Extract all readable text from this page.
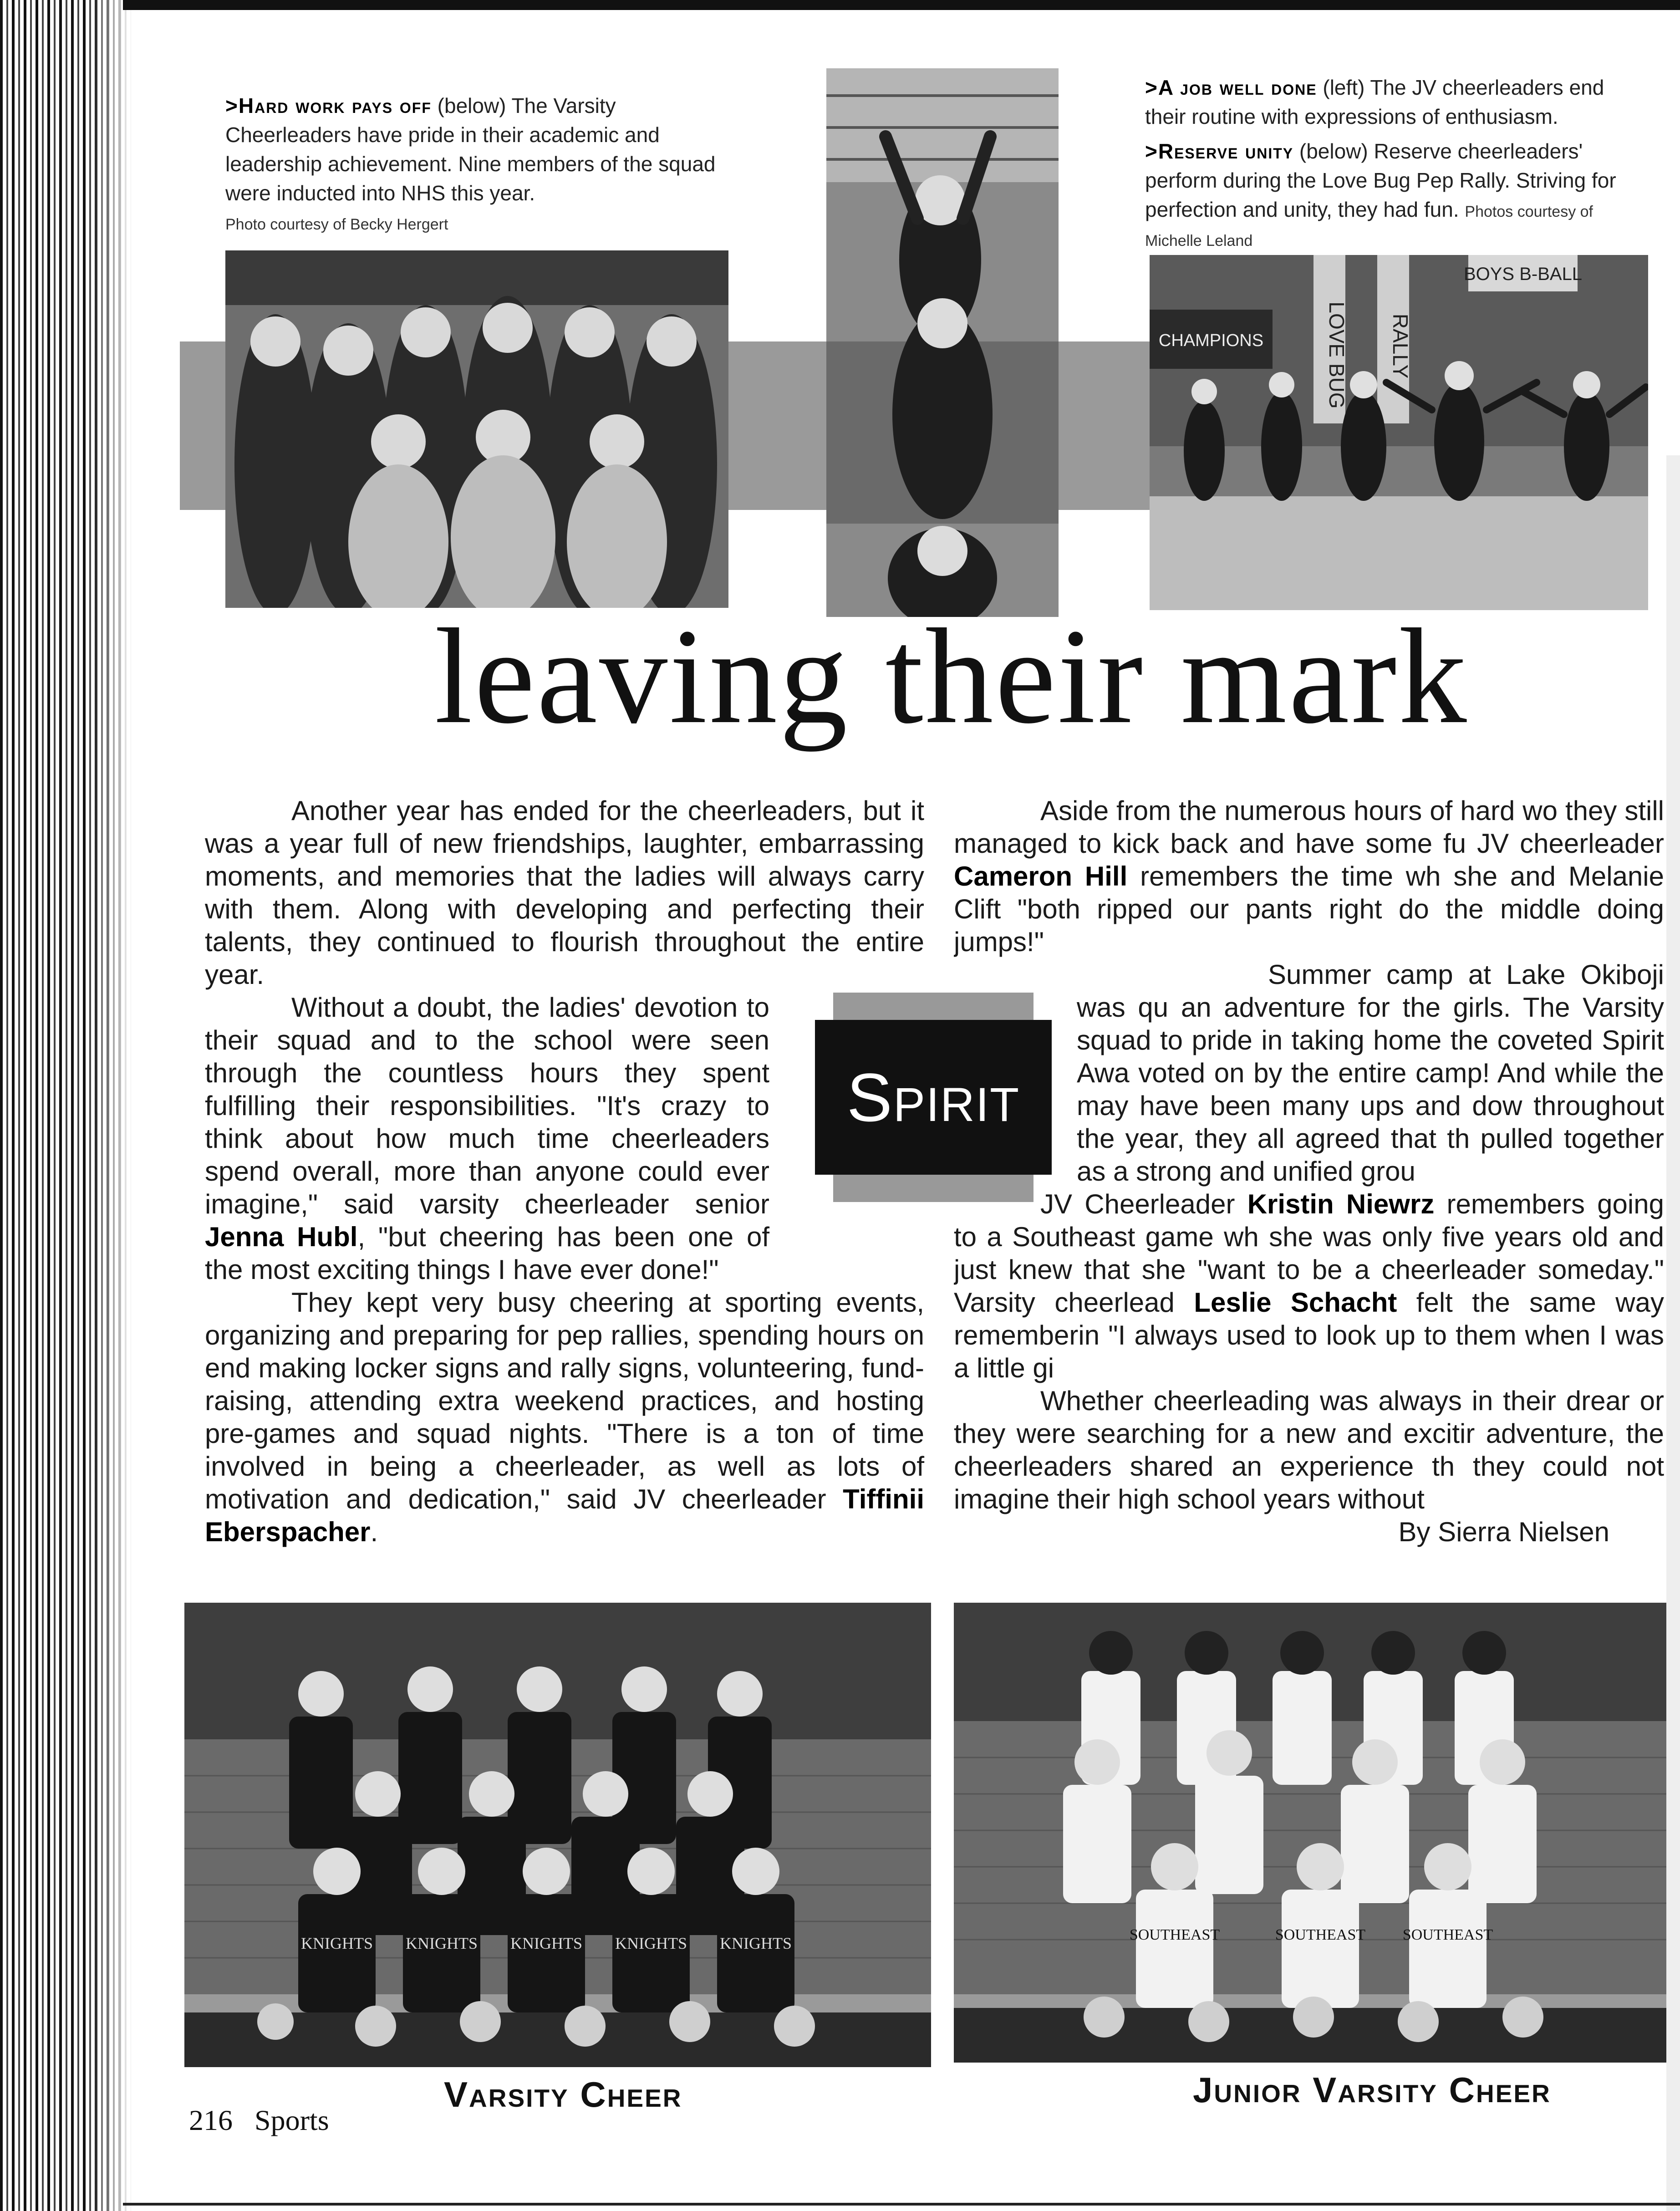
>Hard work pays off (below) The Varsity Cheerleaders have pride in their academic and leadership achievement. Nine members of the squad were inducted into NHS this year.
Photo courtesy of Becky Hergert
>A job well done (left) The JV cheerleaders end their routine with expressions of enthusiasm.
>Reserve unity (below) Reserve cheerleaders' perform during the Love Bug Pep Rally. Striving for perfection and unity, they had fun. Photos courtesy of Michelle Leland
LOVE BUG RALLY
BOYS B-BALL
CHAMPIONS
leaving their mark

Another year has ended for the cheerleaders, but it was a year full of new friendships, laughter, embarrassing moments, and memories that the ladies will always carry with them. Along with developing and perfecting their talents, they continued to flourish throughout the entire year.

Without a doubt, the ladies' devotion to their squad and to the school were seen through the countless hours they spent fulfilling their responsibilities. "It's crazy to think about how much time cheerleaders spend overall, more than anyone could ever imagine," said varsity cheerleader senior Jenna Hubl, "but cheering has been one of the most exciting things I have ever done!"

They kept very busy cheering at sporting events, organizing and preparing for pep rallies, spending hours on end making locker signs and rally signs, volunteering, fund-raising, attending extra weekend practices, and hosting pre-games and squad nights. "There is a ton of time involved in being a cheerleader, as well as lots of motivation and dedication," said JV cheerleader Tiffinii Eberspacher.

Spirit

Aside from the numerous hours of hard wo they still managed to kick back and have some fu JV cheerleader Cameron Hill remembers the time wh she and Melanie Clift "both ripped our pants right do the middle doing jumps!"

Summer camp at Lake Okiboji was qu an adventure for the girls. The Varsity squad to pride in taking home the coveted Spirit Awa voted on by the entire camp! And while the may have been many ups and dow throughout the year, they all agreed that th pulled together as a strong and unified grou

JV Cheerleader Kristin Niewrz remembers going to a Southeast game wh she was only five years old and just knew that she "want to be a cheerleader someday." Varsity cheerlead Leslie Schacht felt the same way rememberin "I always used to look up to them when I was a little gi

Whether cheerleading was always in their drear or they were searching for a new and excitir adventure, the cheerleaders shared an experience th they could not imagine their high school years without

By Sierra Nielsen

KNIGHTS KNIGHTS KNIGHTS KNIGHTS KNIGHTS	SOUTHEAST	SOUTHEAST SOUTHEAST
Varsity Cheer	Junior Varsity Cheer
216 Sports
